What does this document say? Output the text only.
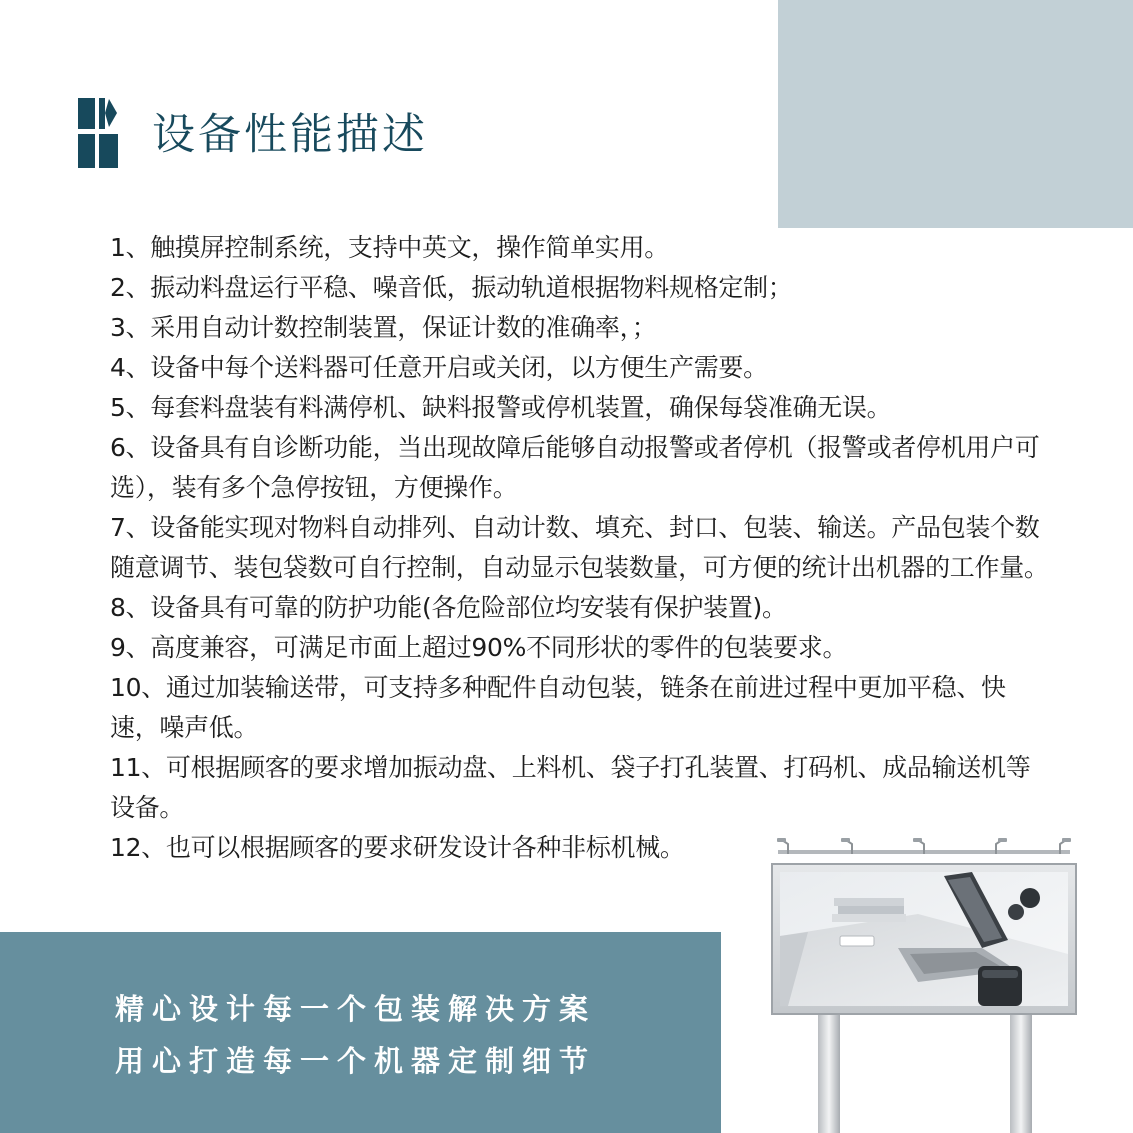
设备性能描述
1、触摸屏控制系统，支持中英文，操作简单实用。
2、振动料盘运行平稳、噪音低，振动轨道根据物料规格定制；
3、采用自动计数控制装置，保证计数的准确率，；
4、设备中每个送料器可任意开启或关闭，以方便生产需要。
5、每套料盘装有料满停机、缺料报警或停机装置，确保每袋准确无误。
6、设备具有自诊断功能，当出现故障后能够自动报警或者停机（报警或者停机用户可选），装有多个急停按钮，方便操作。
7、设备能实现对物料自动排列、自动计数、填充、封口、包装、输送。产品包装个数随意调节、装包袋数可自行控制，自动显示包装数量，可方便的统计出机器的工作量。
8、设备具有可靠的防护功能(各危险部位均安装有保护装置)。
9、高度兼容，可满足市面上超过90%不同形状的零件的包装要求。
10、通过加装输送带，可支持多种配件自动包装，链条在前进过程中更加平稳、快速，噪声低。
11、可根据顾客的要求增加振动盘、上料机、袋子打孔装置、打码机、成品输送机等设备。
12、也可以根据顾客的要求研发设计各种非标机械。
精心设计每一个包装解决方案
用心打造每一个机器定制细节
